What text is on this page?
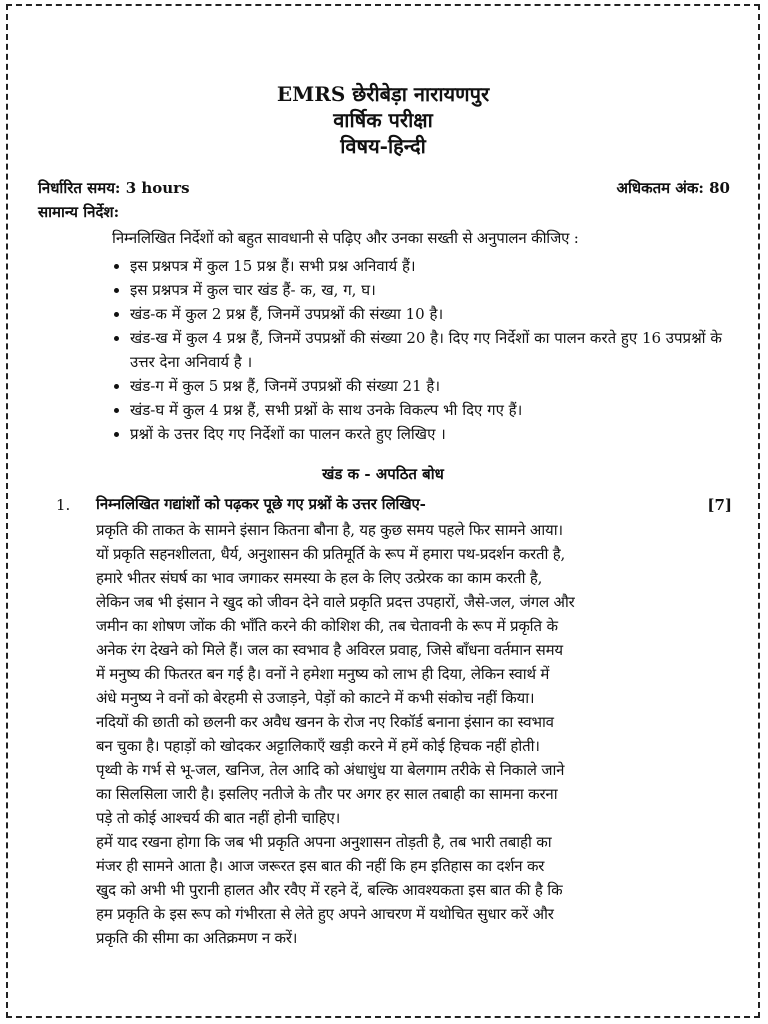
EMRS छेरीबेड़ा नारायणपुर
वार्षिक परीक्षा
विषय-हिन्दी
निर्धारित समय: 3 hours	अधिकतम अंक: 80
सामान्य निर्देश:
निम्नलिखित निर्देशों को बहुत सावधानी से पढ़िए और उनका सख्ती से अनुपालन कीजिए :
• इस प्रश्नपत्र में कुल 15 प्रश्न हैं। सभी प्रश्न अनिवार्य हैं।
• इस प्रश्नपत्र में कुल चार खंड हैं- क, ख, ग, घ।
• खंड-क में कुल 2 प्रश्न हैं, जिनमें उपप्रश्नों की संख्या 10 है।
• खंड-ख में कुल 4 प्रश्न हैं, जिनमें उपप्रश्नों की संख्या 20 है। दिए गए निर्देशों का पालन करते हुए 16 उपप्रश्नों के उत्तर देना अनिवार्य है ।
• खंड-ग में कुल 5 प्रश्न हैं, जिनमें उपप्रश्नों की संख्या 21 है।
• खंड-घ में कुल 4 प्रश्न हैं, सभी प्रश्नों के साथ उनके विकल्प भी दिए गए हैं।
• प्रश्नों के उत्तर दिए गए निर्देशों का पालन करते हुए लिखिए ।
खंड क - अपठित बोध
1. निम्नलिखित गद्यांशों को पढ़कर पूछे गए प्रश्नों के उत्तर लिखिए-	[7]
प्रकृति की ताकत के सामने इंसान कितना बौना है, यह कुछ समय पहले फिर सामने आया।
यों प्रकृति सहनशीलता, धैर्य, अनुशासन की प्रतिमूर्ति के रूप में हमारा पथ-प्रदर्शन करती है,
हमारे भीतर संघर्ष का भाव जगाकर समस्या के हल के लिए उत्प्रेरक का काम करती है,
लेकिन जब भी इंसान ने खुद को जीवन देने वाले प्रकृति प्रदत्त उपहारों, जैसे-जल, जंगल और
जमीन का शोषण जोंक की भाँति करने की कोशिश की, तब चेतावनी के रूप में प्रकृति के
अनेक रंग देखने को मिले हैं। जल का स्वभाव है अविरल प्रवाह, जिसे बाँधना वर्तमान समय
में मनुष्य की फितरत बन गई है। वनों ने हमेशा मनुष्य को लाभ ही दिया, लेकिन स्वार्थ में
अंधे मनुष्य ने वनों को बेरहमी से उजाड़ने, पेड़ों को काटने में कभी संकोच नहीं किया।
नदियों की छाती को छलनी कर अवैध खनन के रोज नए रिकॉर्ड बनाना इंसान का स्वभाव
बन चुका है। पहाड़ों को खोदकर अट्टालिकाएँ खड़ी करने में हमें कोई हिचक नहीं होती।
पृथ्वी के गर्भ से भू-जल, खनिज, तेल आदि को अंधाधुंध या बेलगाम तरीके से निकाले जाने
का सिलसिला जारी है। इसलिए नतीजे के तौर पर अगर हर साल तबाही का सामना करना
पड़े तो कोई आश्चर्य की बात नहीं होनी चाहिए।
हमें याद रखना होगा कि जब भी प्रकृति अपना अनुशासन तोड़ती है, तब भारी तबाही का
मंजर ही सामने आता है। आज जरूरत इस बात की नहीं कि हम इतिहास का दर्शन कर
खुद को अभी भी पुरानी हालत और रवैए में रहने दें, बल्कि आवश्यकता इस बात की है कि
हम प्रकृति के इस रूप को गंभीरता से लेते हुए अपने आचरण में यथोचित सुधार करें और
प्रकृति की सीमा का अतिक्रमण न करें।
